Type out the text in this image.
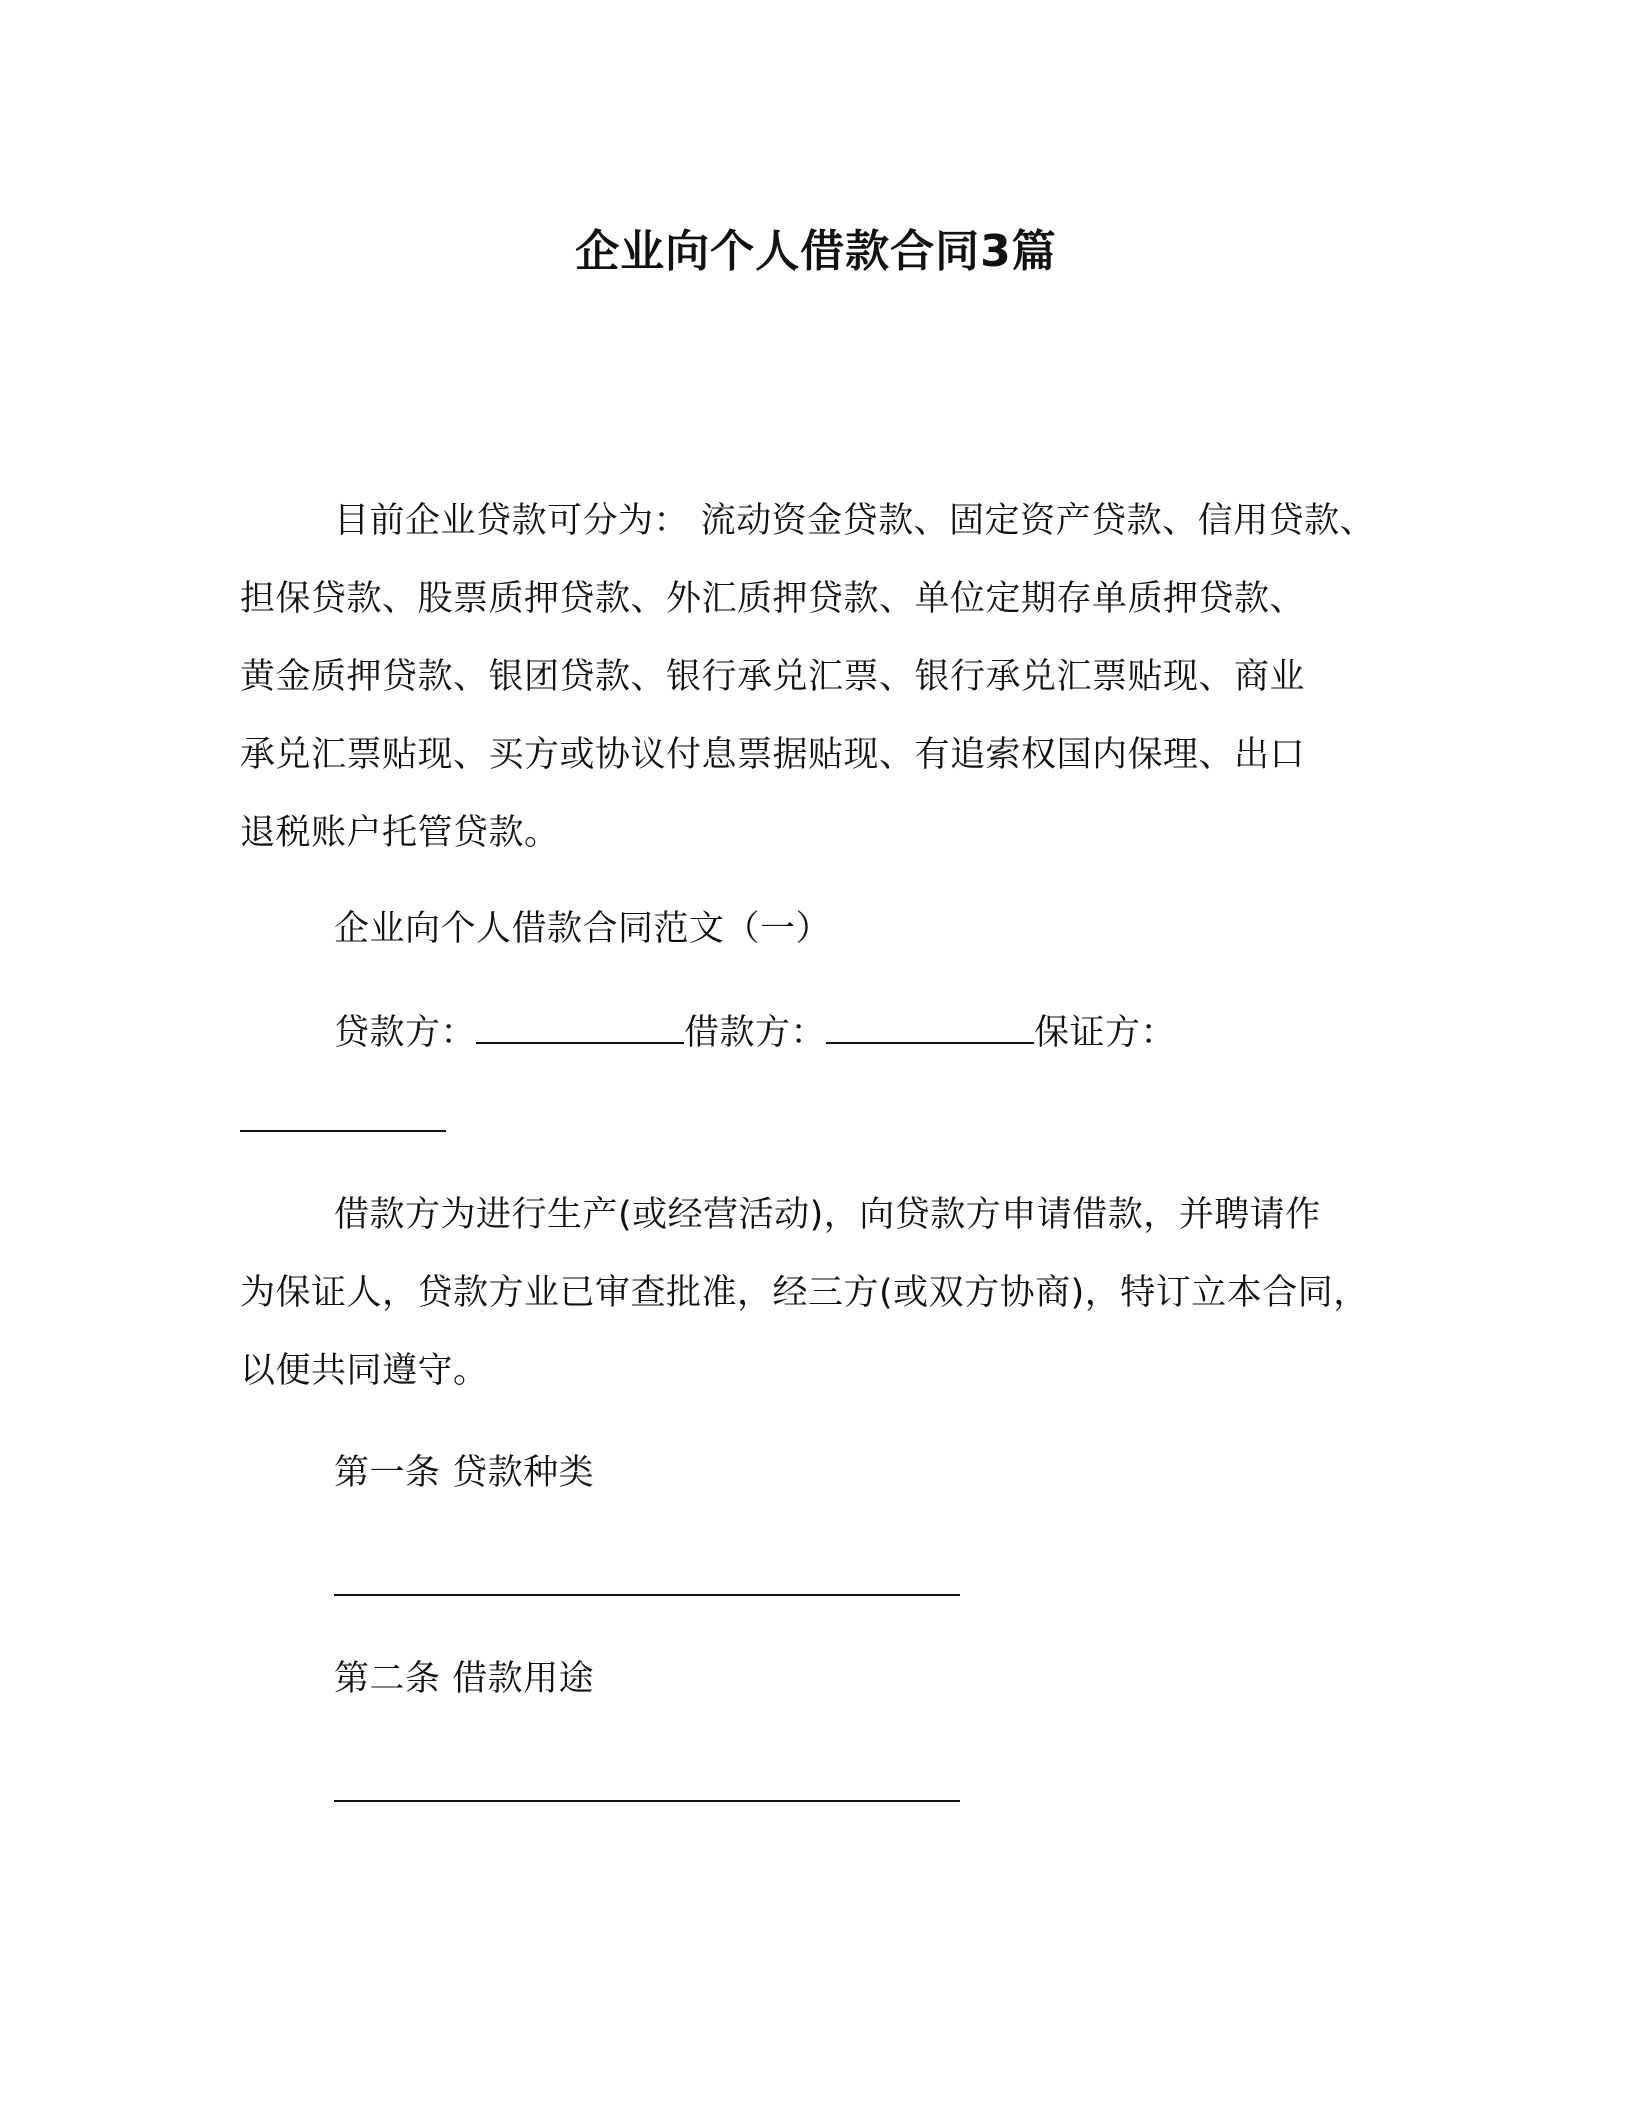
企业向个人借款合同3篇
目前企业贷款可分为： 流动资金贷款、固定资产贷款、信用贷款、
担保贷款、股票质押贷款、外汇质押贷款、单位定期存单质押贷款、
黄金质押贷款、银团贷款、银行承兑汇票、银行承兑汇票贴现、商业
承兑汇票贴现、买方或协议付息票据贴现、有追索权国内保理、出口
退税账户托管贷款。
企业向个人借款合同范文（一）
贷款方：	借款方：	保证方：
借款方为进行生产(或经营活动)，向贷款方申请借款，并聘请作
为保证人，贷款方业已审查批准，经三方(或双方协商)，特订立本合同，
以便共同遵守。
第一条 贷款种类
第二条 借款用途
